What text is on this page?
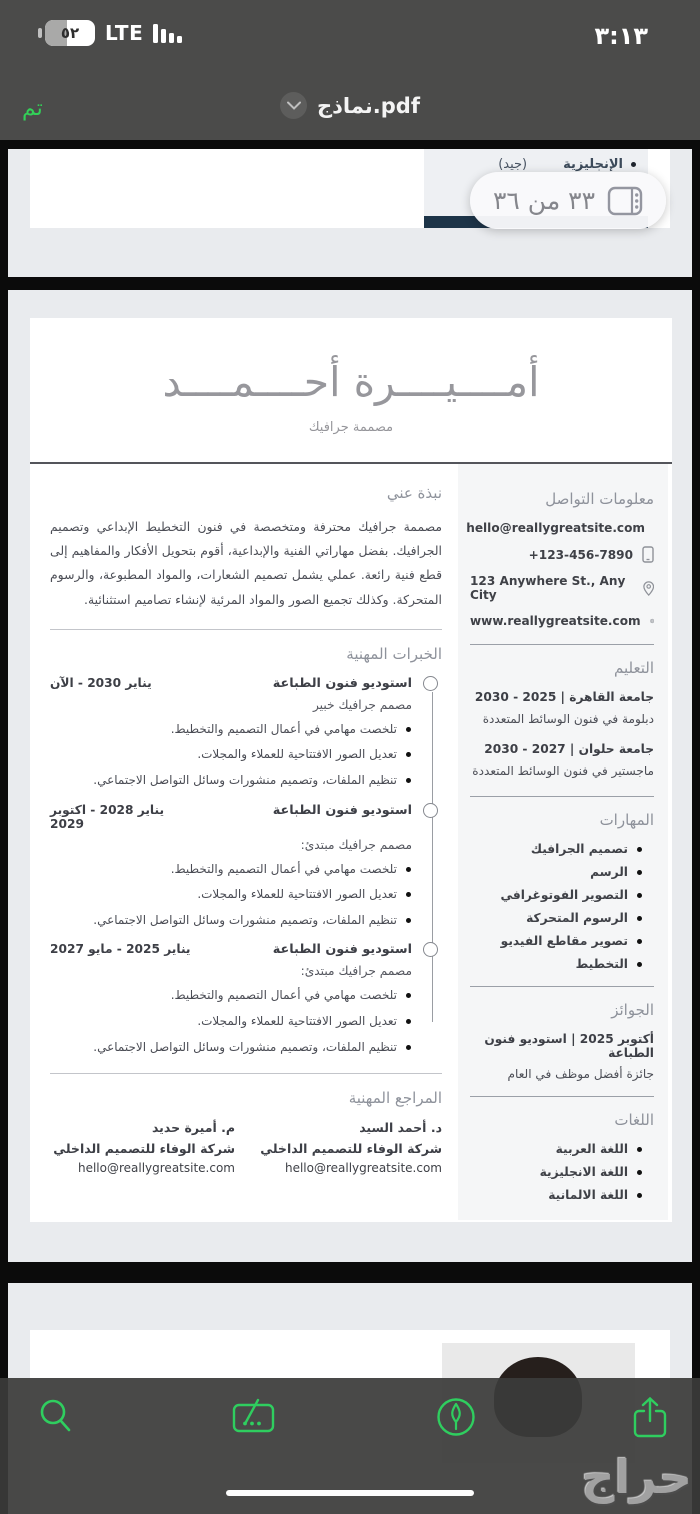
٣:١٣
٥٢ LTE
تم	نماذج.pdf
الإنجليزية
(جيد)
٣٣ من ٣٦
أمــــيــــرة أحــــمــــد
مصممة جرافيك
معلومات التواصل
hello@reallygreatsite.com
+123-456-7890
123 Anywhere St., Any City
www.reallygreatsite.com
التعليم
جامعة القاهرة | 2025 - 2030
دبلومة في فنون الوسائط المتعددة
جامعة حلوان | 2027 - 2030
ماجستير في فنون الوسائط المتعددة
المهارات
تصميم الجرافيك
الرسم
التصوير الفوتوغرافي
الرسوم المتحركة
تصوير مقاطع الفيديو
التخطيط
الجوائز
أكتوبر 2025 | استوديو فنون الطباعة
جائزة أفضل موظف في العام
اللغات
اللغة العربية
اللغة الانجليزية
اللغة الالمانية
نبذة عني

مصممة جرافيك محترفة ومتخصصة في فنون التخطيط الإبداعي وتصميم الجرافيك. بفضل مهاراتي الفنية والإبداعية، أقوم بتحويل الأفكار والمفاهيم إلى قطع فنية رائعة. عملي يشمل تصميم الشعارات، والمواد المطبوعة، والرسوم المتحركة. وكذلك تجميع الصور والمواد المرئية لإنشاء تصاميم استثنائية.

الخبرات المهنية
استوديو فنون الطباعة
يناير 2030 - الآن
مصمم جرافيك خبير
تلخصت مهامي في أعمال التصميم والتخطيط.
تعديل الصور الافتتاحية للعملاء والمجلات.
تنظيم الملفات، وتصميم منشورات وسائل التواصل الاجتماعي.
استوديو فنون الطباعة
يناير 2028 - اكتوبر 2029
مصمم جرافيك مبتدئ:
تلخصت مهامي في أعمال التصميم والتخطيط.
تعديل الصور الافتتاحية للعملاء والمجلات.
تنظيم الملفات، وتصميم منشورات وسائل التواصل الاجتماعي.
استوديو فنون الطباعة
يناير 2025 - مايو 2027
مصمم جرافيك مبتدئ:
تلخصت مهامي في أعمال التصميم والتخطيط.
تعديل الصور الافتتاحية للعملاء والمجلات.
تنظيم الملفات، وتصميم منشورات وسائل التواصل الاجتماعي.
المراجع المهنية
د. أحمد السيد
شركة الوفاء للتصميم الداخلي
hello@reallygreatsite.com
م. أميرة حديد
شركة الوفاء للتصميم الداخلي
hello@reallygreatsite.com
حراج
